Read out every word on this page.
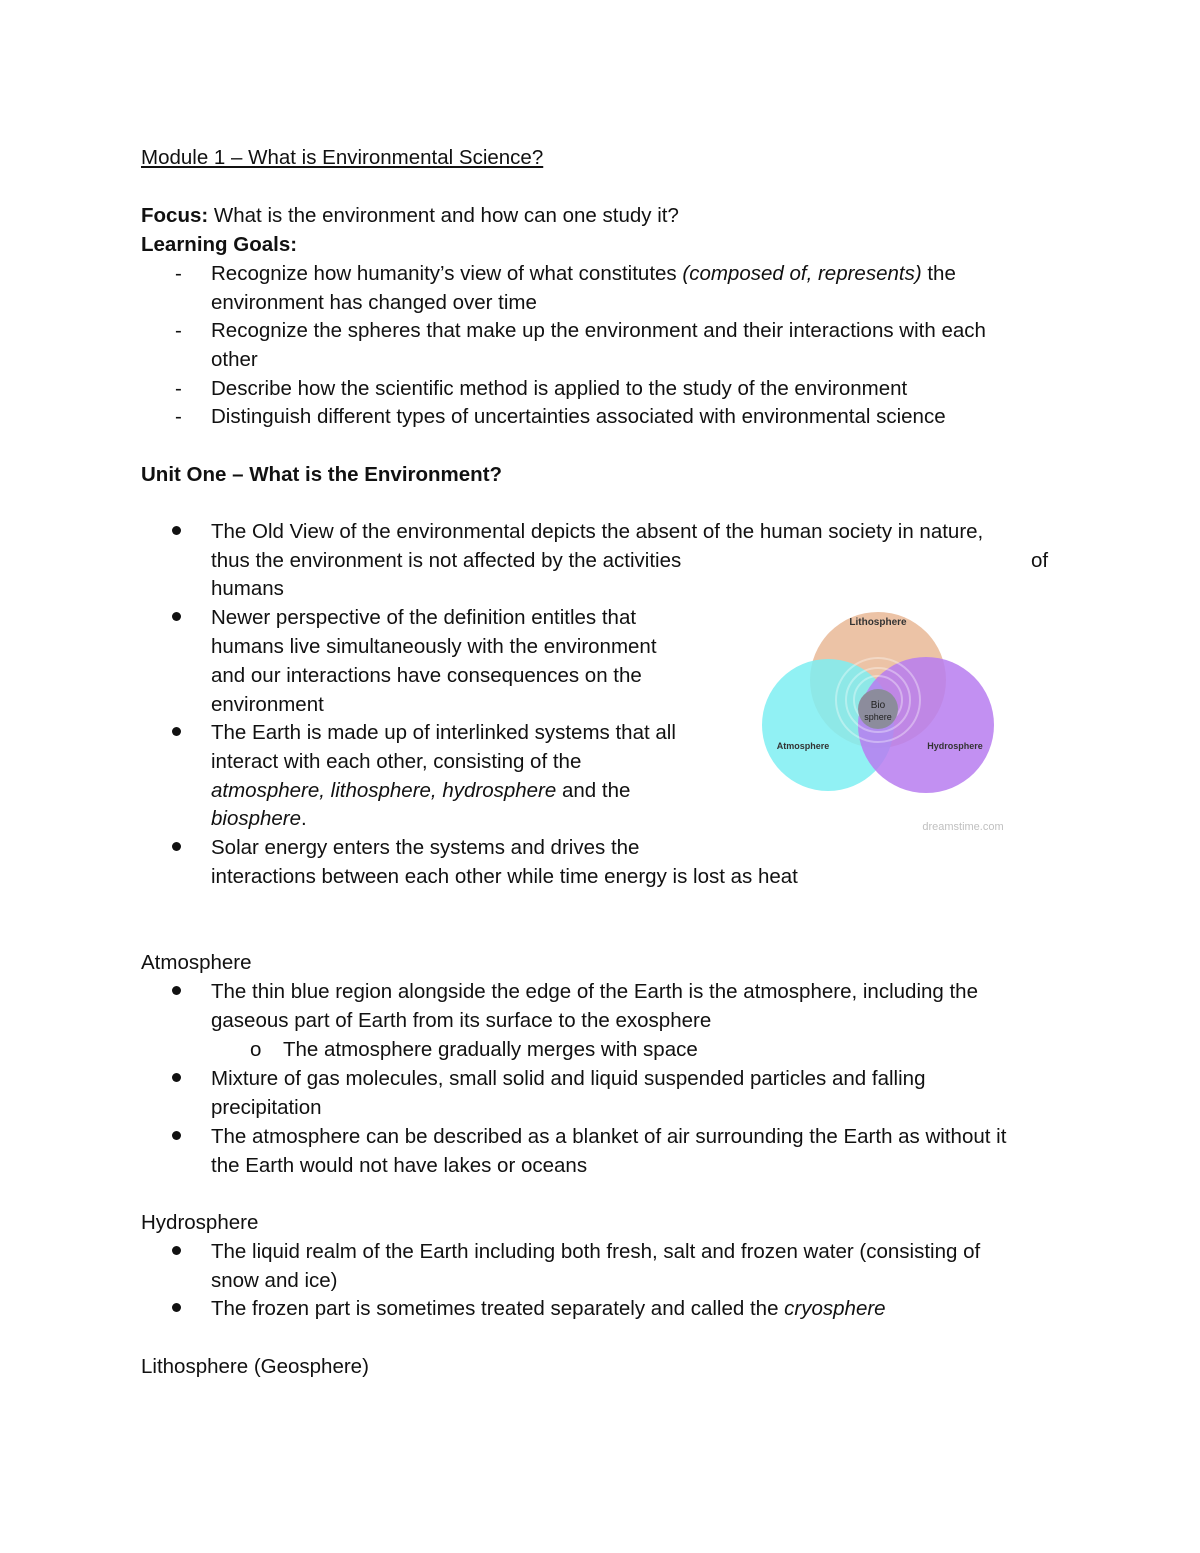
Module 1 – What is Environmental Science?
Focus: What is the environment and how can one study it?
Learning Goals:
- Recognize how humanity’s view of what constitutes (composed of, represents) the
environment has changed over time
- Recognize the spheres that make up the environment and their interactions with each
other
- Describe how the scientific method is applied to the study of the environment
- Distinguish different types of uncertainties associated with environmental science
Unit One – What is the Environment?
The Old View of the environmental depicts the absent of the human society in nature,
thus the environment is not affected by the activities	of
humans
Newer perspective of the definition entitles that
humans live simultaneously with the environment
and our interactions have consequences on the
environment
The Earth is made up of interlinked systems that all
interact with each other, consisting of the
atmosphere, lithosphere, hydrosphere and the
biosphere.
Solar energy enters the systems and drives the
interactions between each other while time energy is lost as heat
Lithosphere
Atmosphere	Hydrosphere
Bio
sphere
dreamstime.com
Atmosphere
The thin blue region alongside the edge of the Earth is the atmosphere, including the
gaseous part of Earth from its surface to the exosphere
o The atmosphere gradually merges with space
Mixture of gas molecules, small solid and liquid suspended particles and falling
precipitation
The atmosphere can be described as a blanket of air surrounding the Earth as without it
the Earth would not have lakes or oceans
Hydrosphere
The liquid realm of the Earth including both fresh, salt and frozen water (consisting of
snow and ice)
The frozen part is sometimes treated separately and called the cryosphere
Lithosphere (Geosphere)
